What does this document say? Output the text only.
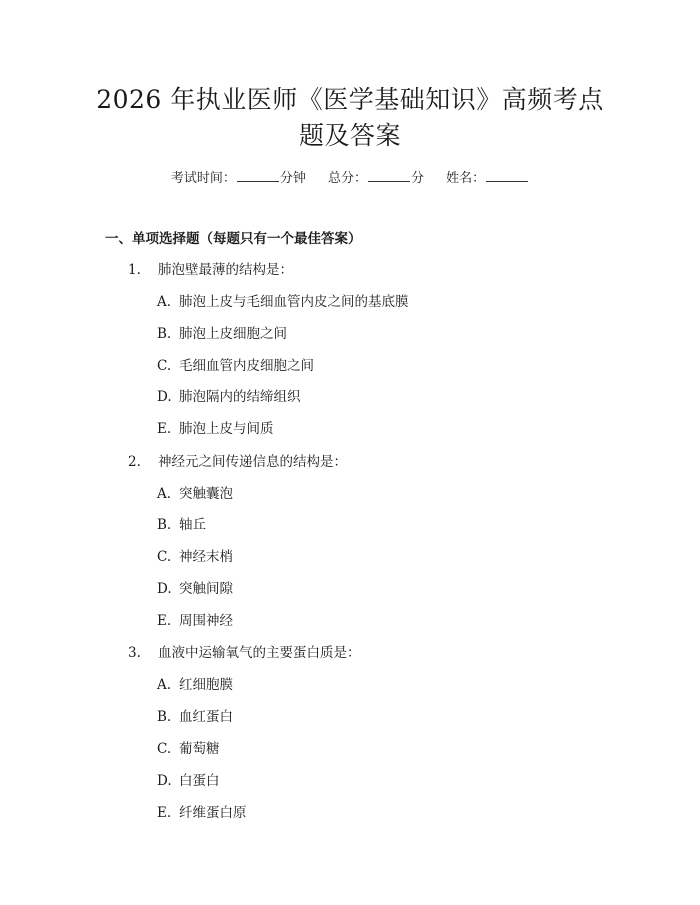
2026 年执业医师《医学基础知识》高频考点
题及答案
考试时间：	分钟 总分：	分 姓名：
一、单项选择题（每题只有一个最佳答案）
1. 肺泡壁最薄的结构是：
A. 肺泡上皮与毛细血管内皮之间的基底膜
B. 肺泡上皮细胞之间
C. 毛细血管内皮细胞之间
D. 肺泡隔内的结缔组织
E. 肺泡上皮与间质
2. 神经元之间传递信息的结构是：
A. 突触囊泡
B. 轴丘
C. 神经末梢
D. 突触间隙
E. 周围神经
3. 血液中运输氧气的主要蛋白质是：
A. 红细胞膜
B. 血红蛋白
C. 葡萄糖
D. 白蛋白
E. 纤维蛋白原
